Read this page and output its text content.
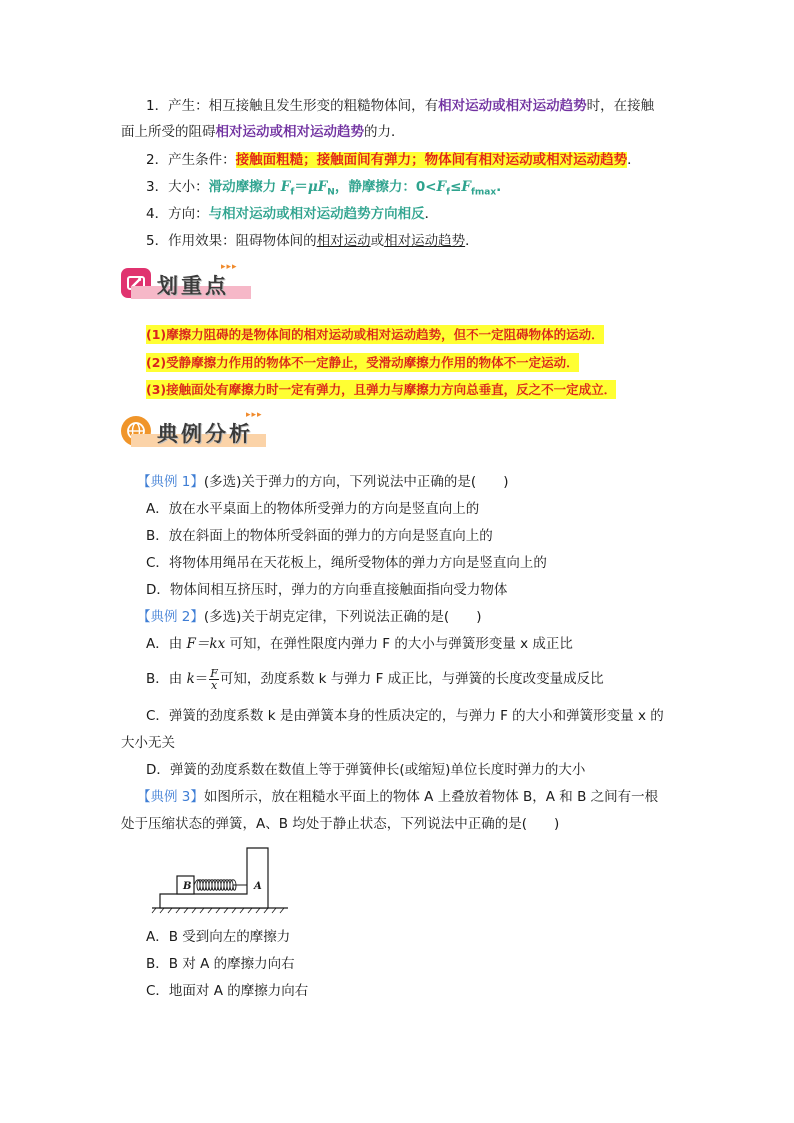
1．产生：相互接触且发生形变的粗糙物体间，有相对运动或相对运动趋势时，在接触
面上所受的阻碍相对运动或相对运动趋势的力．
2．产生条件：接触面粗糙；接触面间有弹力；物体间有相对运动或相对运动趋势．
3．大小：滑动摩擦力 $F_f=\mu F_N$，静摩擦力：$0<F_f\le F_{fmax}$.
4．方向：与相对运动或相对运动趋势方向相反．
5．作用效果：阻碍物体间的相对运动或相对运动趋势．
划重点
▸▸▸
(1)摩擦力阻碍的是物体间的相对运动或相对运动趋势，但不一定阻碍物体的运动．
(2)受静摩擦力作用的物体不一定静止，受滑动摩擦力作用的物体不一定运动．
(3)接触面处有摩擦力时一定有弹力，且弹力与摩擦力方向总垂直，反之不一定成立．
典例分析
▸▸▸
【典例 1】(多选)关于弹力的方向，下列说法中正确的是(　　)
A．放在水平桌面上的物体所受弹力的方向是竖直向上的
B．放在斜面上的物体所受斜面的弹力的方向是竖直向上的
C．将物体用绳吊在天花板上，绳所受物体的弹力方向是竖直向上的
D．物体间相互挤压时，弹力的方向垂直接触面指向受力物体
【典例 2】(多选)关于胡克定律，下列说法正确的是(　　)
A．由 F＝kx 可知，在弹性限度内弹力 F 的大小与弹簧形变量 x 成正比
B．由 $k= \frac{F}{x}$ 可知，劲度系数 k 与弹力 F 成正比，与弹簧的长度改变量成反比
C．弹簧的劲度系数 k 是由弹簧本身的性质决定的，与弹力 F 的大小和弹簧形变量 x 的
大小无关
D．弹簧的劲度系数在数值上等于弹簧伸长(或缩短)单位长度时弹力的大小
【典例 3】如图所示，放在粗糙水平面上的物体 A 上叠放着物体 B，A 和 B 之间有一根
处于压缩状态的弹簧，A、B 均处于静止状态，下列说法中正确的是(　　)
B	A
A．B 受到向左的摩擦力
B．B 对 A 的摩擦力向右
C．地面对 A 的摩擦力向右
